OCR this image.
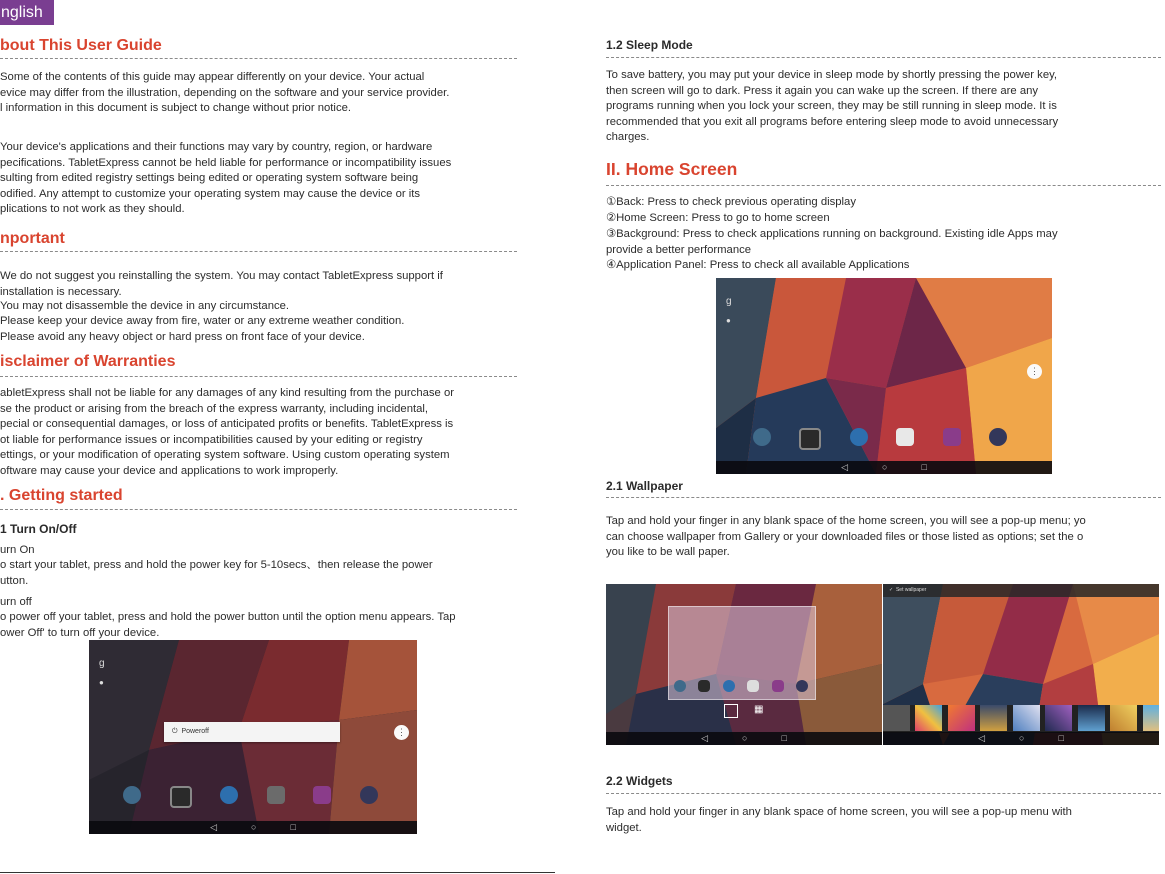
nglish
bout This User Guide

Some of the contents of this guide may appear differently on your device. Your actual
evice may differ from the illustration, depending on the software and your service provider.
l information in this document is subject to change without prior notice.

Your device's applications and their functions may vary by country, region, or hardware
pecifications. TabletExpress cannot be held liable for performance or incompatibility issues
sulting from edited registry settings being edited or operating system software being
odified. Any attempt to customize your operating system may cause the device or its
plications to not work as they should.

nportant

We do not suggest you reinstalling the system. You may contact TabletExpress support if
installation is necessary.

You may not disassemble the device in any circumstance.

Please keep your device away from fire, water or any extreme weather condition.

Please avoid any heavy object or hard press on front face of your device.

isclaimer of Warranties

abletExpress shall not be liable for any damages of any kind resulting from the purchase or
se the product or arising from the breach of the express warranty, including incidental,
pecial or consequential damages, or loss of anticipated profits or benefits. TabletExpress is
ot liable for performance issues or incompatibilities caused by your editing or registry
ettings, or your modification of operating system software. Using custom operating system
oftware may cause your device and applications to work improperly.

. Getting started

1 Turn On/Off

urn On

o start your tablet, press and hold the power key for 5-10secs、then release the power
utton.

urn off

o power off your tablet, press and hold the power button until the option menu appears. Tap
ower Off' to turn off your device.

g
●
⏻ Poweroff	⋮
◁	○	□

1.2 Sleep Mode

To save battery, you may put your device in sleep mode by shortly pressing the power key,
then screen will go to dark. Press it again you can wake up the screen. If there are any
programs running when you lock your screen, they may be still running in sleep mode. It is
recommended that you exit all programs before entering sleep mode to avoid unnecessary
charges.

II. Home Screen

①Back: Press to check previous operating display

②Home Screen: Press to go to home screen

③Background: Press to check applications running on background. Existing idle Apps may
provide a better performance

④Application Panel: Press to check all available Applications

g
●
⋮
◁	○	□

2.1 Wallpaper

Tap and hold your finger in any blank space of the home screen, you will see a pop-up menu; yo
can choose wallpaper from Gallery or your downloaded files or those listed as options; set the o
you like to be wall paper.

▦
◁	○	□
✓  Set wallpaper

◁	○	□

2.2 Widgets

Tap and hold your finger in any blank space of home screen, you will see a pop-up menu with
widget.
